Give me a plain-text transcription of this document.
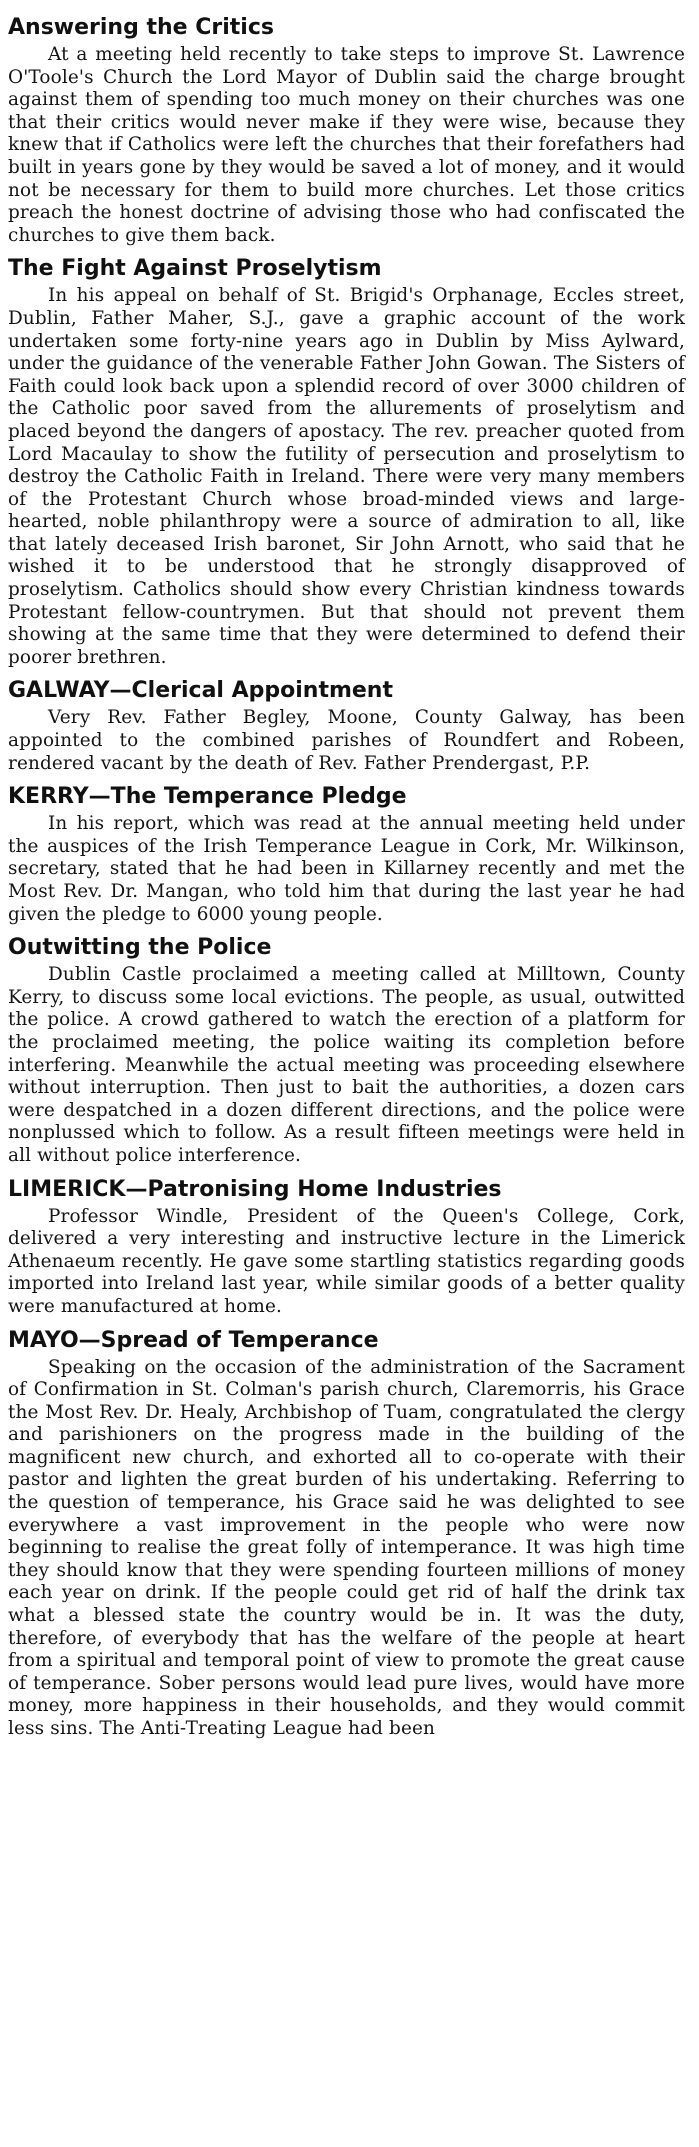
Answering the Critics

At a meeting held recently to take steps to improve St. Lawrence O'Toole's Church the Lord Mayor of Dublin said the charge brought against them of spending too much money on their churches was one that their critics would never make if they were wise, because they knew that if Catholics were left the churches that their forefathers had built in years gone by they would be saved a lot of money, and it would not be necessary for them to build more churches. Let those critics preach the honest doctrine of advising those who had confiscated the churches to give them back.

The Fight Against Proselytism

In his appeal on behalf of St. Brigid's Orphanage, Eccles street, Dublin, Father Maher, S.J., gave a graphic account of the work undertaken some forty-nine years ago in Dublin by Miss Aylward, under the guidance of the venerable Father John Gowan. The Sisters of Faith could look back upon a splendid record of over 3000 children of the Catholic poor saved from the allurements of proselytism and placed beyond the dangers of apostacy. The rev. preacher quoted from Lord Macaulay to show the futility of persecution and proselytism to destroy the Catholic Faith in Ireland. There were very many members of the Protestant Church whose broad-minded views and large-hearted, noble philanthropy were a source of admiration to all, like that lately deceased Irish baronet, Sir John Arnott, who said that he wished it to be understood that he strongly disapproved of proselytism. Catholics should show every Christian kindness towards Protestant fellow-countrymen. But that should not prevent them showing at the same time that they were determined to defend their poorer brethren.

GALWAY—Clerical Appointment

Very Rev. Father Begley, Moone, County Galway, has been appointed to the combined parishes of Roundfert and Robeen, rendered vacant by the death of Rev. Father Prendergast, P.P.

KERRY—The Temperance Pledge

In his report, which was read at the annual meeting held under the auspices of the Irish Temperance League in Cork, Mr. Wilkinson, secretary, stated that he had been in Killarney recently and met the Most Rev. Dr. Mangan, who told him that during the last year he had given the pledge to 6000 young people.

Outwitting the Police

Dublin Castle proclaimed a meeting called at Milltown, County Kerry, to discuss some local evictions. The people, as usual, outwitted the police. A crowd gathered to watch the erection of a platform for the proclaimed meeting, the police waiting its completion before interfering. Meanwhile the actual meeting was proceeding elsewhere without interruption. Then just to bait the authorities, a dozen cars were despatched in a dozen different directions, and the police were nonplussed which to follow. As a result fifteen meetings were held in all without police interference.

LIMERICK—Patronising Home Industries

Professor Windle, President of the Queen's College, Cork, delivered a very interesting and instructive lecture in the Limerick Athenaeum recently. He gave some startling statistics regarding goods imported into Ireland last year, while similar goods of a better quality were manufactured at home.

MAYO—Spread of Temperance

Speaking on the occasion of the administration of the Sacrament of Confirmation in St. Colman's parish church, Claremorris, his Grace the Most Rev. Dr. Healy, Archbishop of Tuam, congratulated the clergy and parishioners on the progress made in the building of the magnificent new church, and exhorted all to co-operate with their pastor and lighten the great burden of his undertaking. Referring to the question of temperance, his Grace said he was delighted to see everywhere a vast improvement in the people who were now beginning to realise the great folly of intemperance. It was high time they should know that they were spending fourteen millions of money each year on drink. If the people could get rid of half the drink tax what a blessed state the country would be in. It was the duty, therefore, of everybody that has the welfare of the people at heart from a spiritual and temporal point of view to promote the great cause of temperance. Sober persons would lead pure lives, would have more money, more happiness in their households, and they would commit less sins. The Anti-Treating League had been
